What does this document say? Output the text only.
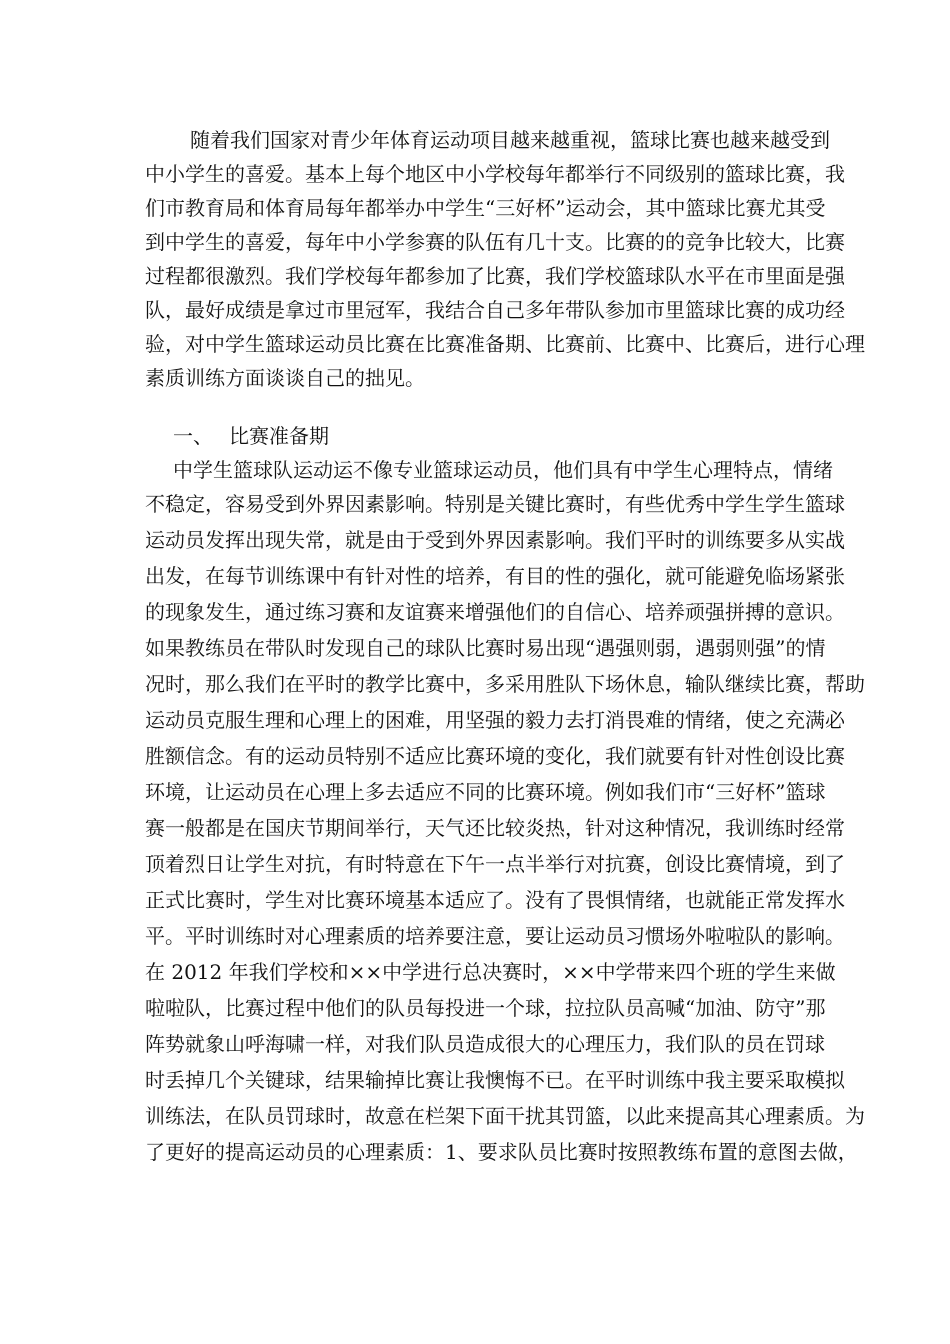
随着我们国家对青少年体育运动项目越来越重视，篮球比赛也越来越受到
中小学生的喜爱。基本上每个地区中小学校每年都举行不同级别的篮球比赛，我
们市教育局和体育局每年都举办中学生“三好杯”运动会，其中篮球比赛尤其受
到中学生的喜爱，每年中小学参赛的队伍有几十支。比赛的的竞争比较大，比赛
过程都很激烈。我们学校每年都参加了比赛，我们学校篮球队水平在市里面是强
队，最好成绩是拿过市里冠军，我结合自己多年带队参加市里篮球比赛的成功经
验，对中学生篮球运动员比赛在比赛准备期、比赛前、比赛中、比赛后，进行心理
素质训练方面谈谈自己的拙见。
一、 比赛准备期
中学生篮球队运动运不像专业篮球运动员，他们具有中学生心理特点，情绪
不稳定，容易受到外界因素影响。特别是关键比赛时，有些优秀中学生学生篮球
运动员发挥出现失常，就是由于受到外界因素影响。我们平时的训练要多从实战
出发，在每节训练课中有针对性的培养，有目的性的强化，就可能避免临场紧张
的现象发生，通过练习赛和友谊赛来增强他们的自信心、培养顽强拼搏的意识。
如果教练员在带队时发现自己的球队比赛时易出现“遇强则弱，遇弱则强”的情
况时，那么我们在平时的教学比赛中，多采用胜队下场休息，输队继续比赛，帮助
运动员克服生理和心理上的困难，用坚强的毅力去打消畏难的情绪，使之充满必
胜额信念。有的运动员特别不适应比赛环境的变化，我们就要有针对性创设比赛
环境，让运动员在心理上多去适应不同的比赛环境。例如我们市“三好杯”篮球
赛一般都是在国庆节期间举行，天气还比较炎热，针对这种情况，我训练时经常
顶着烈日让学生对抗，有时特意在下午一点半举行对抗赛，创设比赛情境，到了
正式比赛时，学生对比赛环境基本适应了。没有了畏惧情绪，也就能正常发挥水
平。平时训练时对心理素质的培养要注意，要让运动员习惯场外啦啦队的影响。
在 2012 年我们学校和××中学进行总决赛时，××中学带来四个班的学生来做
啦啦队，比赛过程中他们的队员每投进一个球，拉拉队员高喊“加油、防守”那
阵势就象山呼海啸一样，对我们队员造成很大的心理压力，我们队的员在罚球
时丢掉几个关键球，结果输掉比赛让我懊悔不已。在平时训练中我主要采取模拟
训练法，在队员罚球时，故意在栏架下面干扰其罚篮，以此来提高其心理素质。为
了更好的提高运动员的心理素质：1、要求队员比赛时按照教练布置的意图去做，
